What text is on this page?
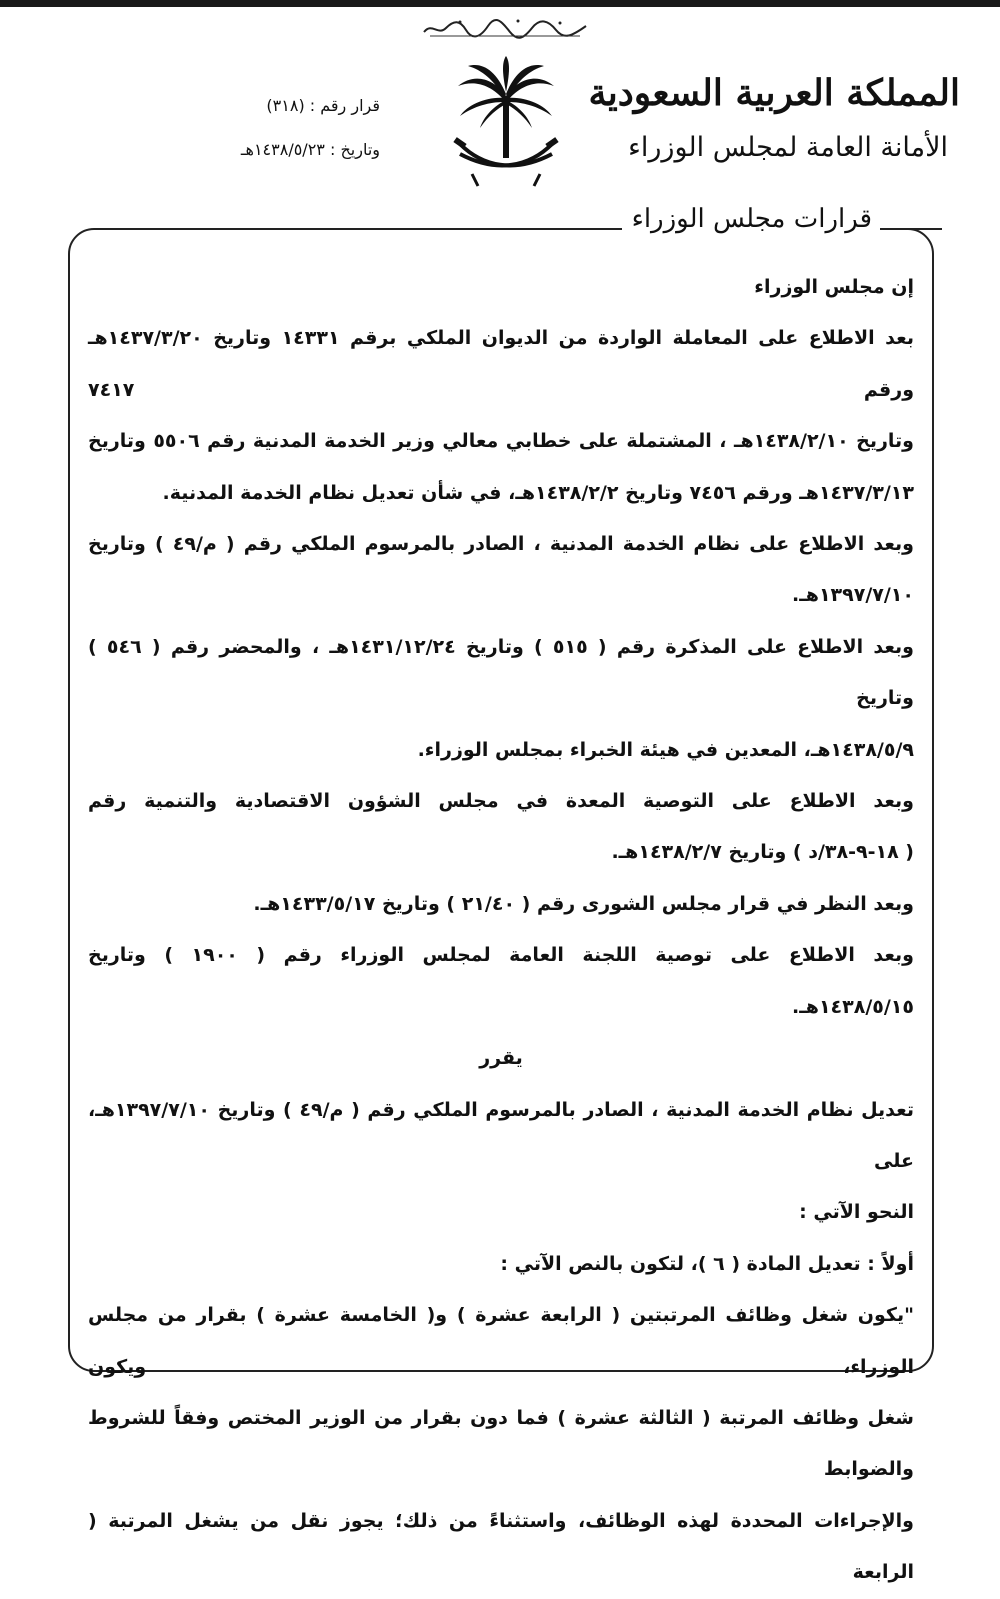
المملكة العربية السعودية
الأمانة العامة لمجلس الوزراء
قرار رقم : (٣١٨)
وتاريخ : ١٤٣٨/٥/٢٣هـ
قرارات مجلس الوزراء

إن مجلس الوزراء

بعد الاطلاع على المعاملة الواردة من الديوان الملكي برقم ١٤٣٣١ وتاريخ ١٤٣٧/٣/٢٠هـ ورقم ٧٤١٧

وتاريخ ١٤٣٨/٢/١٠هـ ، المشتملة على خطابي معالي وزير الخدمة المدنية رقم ٥٥٠٦ وتاريخ

١٤٣٧/٣/١٣هـ ورقم ٧٤٥٦ وتاريخ ١٤٣٨/٢/٢هـ، في شأن تعديل نظام الخدمة المدنية.

وبعد الاطلاع على نظام الخدمة المدنية ، الصادر بالمرسوم الملكي رقم ( م/٤٩ ) وتاريخ

١٣٩٧/٧/١٠هـ.

وبعد الاطلاع على المذكرة رقم ( ٥١٥ ) وتاريخ ١٤٣١/١٢/٢٤هـ ، والمحضر رقم ( ٥٤٦ ) وتاريخ

١٤٣٨/٥/٩هـ، المعدين في هيئة الخبراء بمجلس الوزراء.

وبعد الاطلاع على التوصية المعدة في مجلس الشؤون الاقتصادية والتنمية رقم

( ١٨-٩-٣٨/د ) وتاريخ ١٤٣٨/٢/٧هـ.

وبعد النظر في قرار مجلس الشورى رقم ( ٢١/٤٠ ) وتاريخ ١٤٣٣/٥/١٧هـ.

وبعد الاطلاع على توصية اللجنة العامة لمجلس الوزراء رقم ( ١٩٠٠ ) وتاريخ

١٤٣٨/٥/١٥هـ.

يقرر

تعديل نظام الخدمة المدنية ، الصادر بالمرسوم الملكي رقم ( م/٤٩ ) وتاريخ ١٣٩٧/٧/١٠هـ، على

النحو الآتي :

أولاً : تعديل المادة ( ٦ )، لتكون بالنص الآتي :

"يكون شغل وظائف المرتبتين ( الرابعة عشرة ) و( الخامسة عشرة ) بقرار من مجلس الوزراء، ويكون

شغل وظائف المرتبة ( الثالثة عشرة ) فما دون بقرار من الوزير المختص وفقاً للشروط والضوابط

والإجراءات المحددة لهذه الوظائف، واستثناءً من ذلك؛ يجوز نقل من يشغل المرتبة ( الرابعة
